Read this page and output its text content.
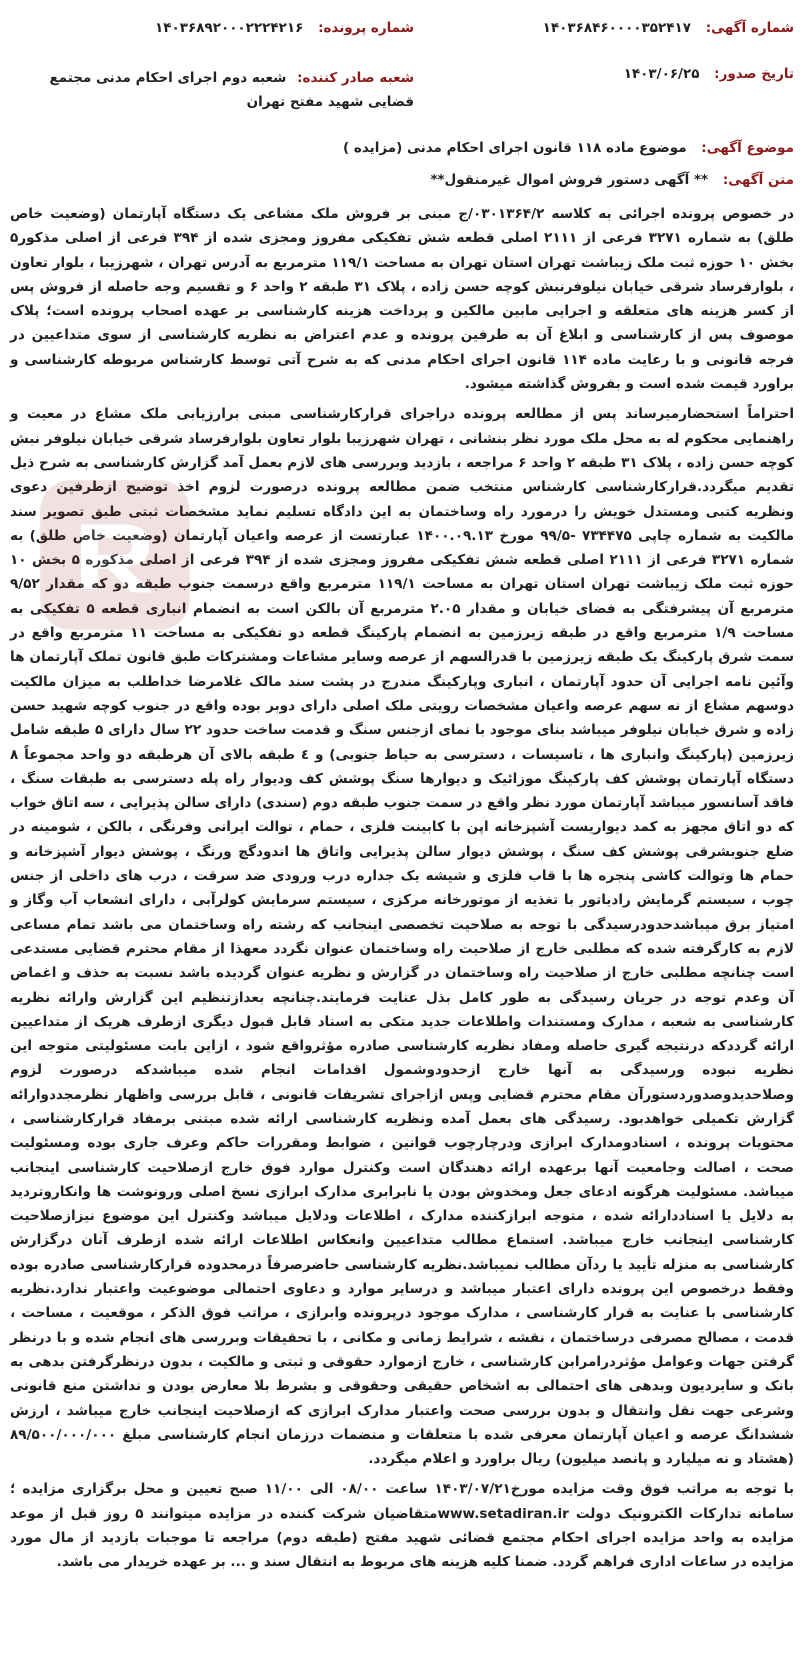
شماره آگهی: ۱۴۰۳۶۸۴۶۰۰۰۰۳۵۲۴۱۷
شماره پرونده: ۱۴۰۳۶۸۹۲۰۰۰۲۲۲۴۲۱۶
تاریخ صدور: ۱۴۰۳/۰۶/۲۵
شعبه صادر کننده: شعبه دوم اجرای احکام مدنی مجتمع قضایی شهید مفتح تهران
موضوع آگهی: موضوع ماده ۱۱۸ قانون اجرای احکام مدنی (مزایده )
متن آگهی: ** آگهی دستور فروش اموال غیرمنقول**

در خصوص پرونده اجرائی به کلاسه ۰۳۰۱۳۶۴/۲/ج مبنی بر فروش ملک مشاعی یک دستگاه آپارتمان (وضعیت خاص طلق) به شماره ۳۲۷۱ فرعی از ۲۱۱۱ اصلی قطعه شش تفکیکی مفروز ومجزی شده از ۳۹۴ فرعی از اصلی مذکور۵ بخش ۱۰ حوزه ثبت ملک زیباشت تهران استان تهران به مساحت ۱۱۹/۱ مترمربع به آدرس تهران ، شهرزیبا ، بلوار تعاون ، بلوارفرساد شرقی خیابان نیلوفرنبش کوچه حسن زاده ، پلاک ۳۱ طبقه ۲ واحد ۶ و تقسیم وجه حاصله از فروش پس از کسر هزینه های متعلقه و اجرایی مابین مالکین و پرداخت هزینه کارشناسی بر عهده اصحاب پرونده است؛ پلاک موصوف پس از کارشناسی و ابلاغ آن به طرفین پرونده و عدم اعتراض به نظریه کارشناسی از سوی متداعیین در فرجه قانونی و با رعایت ماده ۱۱۴ قانون اجرای احکام مدنی که به شرح آتی توسط کارشناس مربوطه کارشناسی و براورد قیمت شده است و بفروش گذاشته میشود.

احتراماً استحضارمیرساند پس از مطالعه پرونده دراجرای قرارکارشناسی مبنی برارزیابی ملک مشاع در معیت و راهنمایی محکوم له به محل ملک مورد نظر بنشانی ، تهران شهرزیبا بلوار تعاون بلوارفرساد شرقی خیابان نیلوفر نبش کوچه حسن زاده ، پلاک ۳۱ طبقه ۲ واحد ۶ مراجعه ، بازدید وبررسی های لازم بعمل آمد گزارش کارشناسی به شرح ذیل تقدیم میگردد.قرارکارشناسی کارشناس منتخب ضمن مطالعه پرونده درصورت لزوم اخذ توضیح ازطرفین دعوی ونظریه کتبی ومستدل خویش را درمورد راه وساختمان به این دادگاه تسلیم نماید مشخصات ثبتی طبق تصویر سند مالکیت به شماره چاپی ۷۳۴۴۷۵ -۹۹/۵ مورخ ۱۴۰۰.۰۹.۱۳ عبارتست از عرصه واعیان آپارتمان (وضعیت خاص طلق) به شماره ۳۲۷۱ فرعی از ۲۱۱۱ اصلی قطعه شش تفکیکی مفروز ومجزی شده از ۳۹۴ فرعی از اصلی مذکوره ۵ بخش ۱۰ حوزه ثبت ملک زیباشت تهران استان تهران به مساحت ۱۱۹/۱ مترمربع واقع درسمت جنوب طبقه دو که مقدار ۹/۵۲ مترمربع آن پیشرفتگی به فضای خیابان و مقدار ۲.۰۵ مترمربع آن بالکن است به انضمام انباری قطعه ۵ تفکیکی به مساحت ۱/۹ مترمربع واقع در طبقه زیرزمین به انضمام پارکینگ قطعه دو تفکیکی به مساحت ۱۱ مترمربع واقع در سمت شرق پارکینگ یک طبقه زیرزمین با قدرالسهم از عرصه وسایر مشاعات ومشترکات طبق قانون تملک آپارتمان ها وآئین نامه اجرایی آن حدود آپارتمان ، انباری وپارکینگ مندرج در پشت سند مالک غلامرضا خداطلب به میزان مالکیت دوسهم مشاع از نه سهم عرصه واعیان مشخصات رویتی ملک اصلی دارای دوبر بوده واقع در جنوب کوچه شهید حسن زاده و شرق خیابان نیلوفر میباشد بنای موجود با نمای ازجنس سنگ و قدمت ساخت حدود ۲۲ سال دارای ۵ طبقه شامل زیرزمین (پارکینگ وانباری ها ، تاسیسات ، دسترسی به حیاط جنوبی) و ٤ طبقه بالای آن هرطبقه دو واحد مجموعاً ۸ دستگاه آپارتمان پوشش کف پارکینگ موزائیک و دیوارها سنگ پوشش کف ودیوار راه پله دسترسی به طبقات سنگ ، فاقد آسانسور میباشد آپارتمان مورد نظر واقع در سمت جنوب طبقه دوم (سندی) دارای سالن پذیرایی ، سه اتاق خواب که دو اتاق مجهز به کمد دیواریست آشپزخانه اپن با کابینت فلزی ، حمام ، توالت ایرانی وفرنگی ، بالکن ، شومینه در ضلع جنوبشرقی پوشش کف سنگ ، پوشش دیوار سالن پذیرایی واتاق ها اندودگچ ورنگ ، پوشش دیوار آشپزخانه و حمام ها وتوالت کاشی پنجره ها با قاب فلزی و شیشه یک جداره درب ورودی ضد سرقت ، درب های داخلی از جنس چوب ، سیستم گرمایش رادیاتور با تغذیه از موتورخانه مرکزی ، سیستم سرمایش کولرآبی ، دارای انشعاب آب وگاز و امتیاز برق میباشدحدودرسیدگی با توجه به صلاحیت تخصصی اینجانب که رشته راه وساختمان می باشد تمام مساعی لازم به کارگرفته شده که مطلبی خارج از صلاحیت راه وساختمان عنوان نگردد معهذا از مقام محترم قضایی مستدعی است چنانچه مطلبی خارج از صلاحیت راه وساختمان در گزارش و نظریه عنوان گردیده باشد نسبت به حذف و اغماض آن وعدم توجه در جریان رسیدگی به طور کامل بذل عنایت فرمایند.چنانچه بعدازتنظیم این گزارش وارائه نظریه کارشناسی به شعبه ، مدارک ومستندات واطلاعات جدید متکی به اسناد قابل قبول دیگری ازطرف هریک از متداعیین ارائه گرددکه درنتیجه گیری حاصله ومفاد نظریه کارشناسی صادره مؤثرواقع شود ، ازاین بابت مسئولیتی متوجه این نظریه نبوده ورسیدگی به آنها خارج ازحدودوشمول اقدامات انجام شده میباشدکه درصورت لزوم وصلاحدیدوصدوردستورآن مقام محترم قضایی وپس ازاجرای تشریفات قانونی ، قابل بررسی واظهار نظرمجددوارائه گزارش تکمیلی خواهدبود. رسیدگی های بعمل آمده ونظریه کارشناسی ارائه شده مبتنی برمفاد قرارکارشناسی ، محتویات پرونده ، اسنادومدارک ابرازی ودرچارچوب قوانین ، ضوابط ومقررات حاکم وعرف جاری بوده ومسئولیت صحت ، اصالت وجامعیت آنها برعهده ارائه دهندگان است وکنترل موارد فوق خارج ازصلاحیت کارشناسی اینجانب میباشد. مسئولیت هرگونه ادعای جعل ومخدوش بودن یا نابرابری مدارک ابرازی نسخ اصلی ورونوشت ها وانکاروتردید به دلایل یا اسناددارائه شده ، متوجه ابرازکننده مدارک ، اطلاعات ودلایل میباشد وکنترل این موضوع نیزازصلاحیت کارشناسی اینجانب خارج میباشد. استماع مطالب متداعیین وانعکاس اطلاعات ارائه شده ازطرف آنان درگزارش کارشناسی به منزله تأیید یا ردآن مطالب نمیباشد.نظریه کارشناسی حاضرصرفاً درمحدوده قرارکارشناسی صادره بوده وفقط درخصوص این پرونده دارای اعتبار میباشد و درسایر موارد و دعاوی احتمالی موضوعیت واعتبار ندارد.نظریه کارشناسی با عنایت به قرار کارشناسی ، مدارک موجود درپرونده وابرازی ، مراتب فوق الذکر ، موقعیت ، مساحت ، قدمت ، مصالح مصرفی درساختمان ، نقشه ، شرایط زمانی و مکانی ، با تحقیقات وبررسی های انجام شده و با درنظر گرفتن جهات وعوامل مؤثردرامرابن کارشناسی ، خارج ازموارد حقوقی و ثبتی و مالکیت ، بدون درنظرگرفتن بدهی به بانک و سایردیون وبدهی های احتمالی به اشخاص حقیقی وحقوقی و بشرط بلا معارض بودن و نداشتن منع قانونی وشرعی جهت نقل وانتقال و بدون بررسی صحت واعتبار مدارک ابرازی که ازصلاحیت اینجانب خارج میباشد ، ارزش ششدانگ عرصه و اعیان آپارتمان معرفی شده با متعلقات و منضمات درزمان انجام کارشناسی مبلغ ۸۹/۵۰۰/۰۰۰/۰۰۰ (هشتاد و نه میلیارد و پانصد میلیون) ریال براورد و اعلام میگردد.

با توجه به مراتب فوق وقت مزایده مورخ۱۴۰۳/۰۷/۲۱ ساعت ۰۸/۰۰ الی ۱۱/۰۰ صبح تعیین و محل برگزاری مزایده ؛سامانه تدارکات الکترونیک دولت www.setadiran.irمتقاضیان شرکت کننده در مزایده میتوانند ۵ روز قبل از موعد مزایده به واحد مزایده اجرای احکام مجتمع قضائی شهید مفتح (طبقه دوم) مراجعه تا موجبات بازدید از مال مورد مزایده در ساعات اداری فراهم گردد. ضمنا کلیه هزینه های مربوط به انتقال سند و ... بر عهده خریدار می باشد.
